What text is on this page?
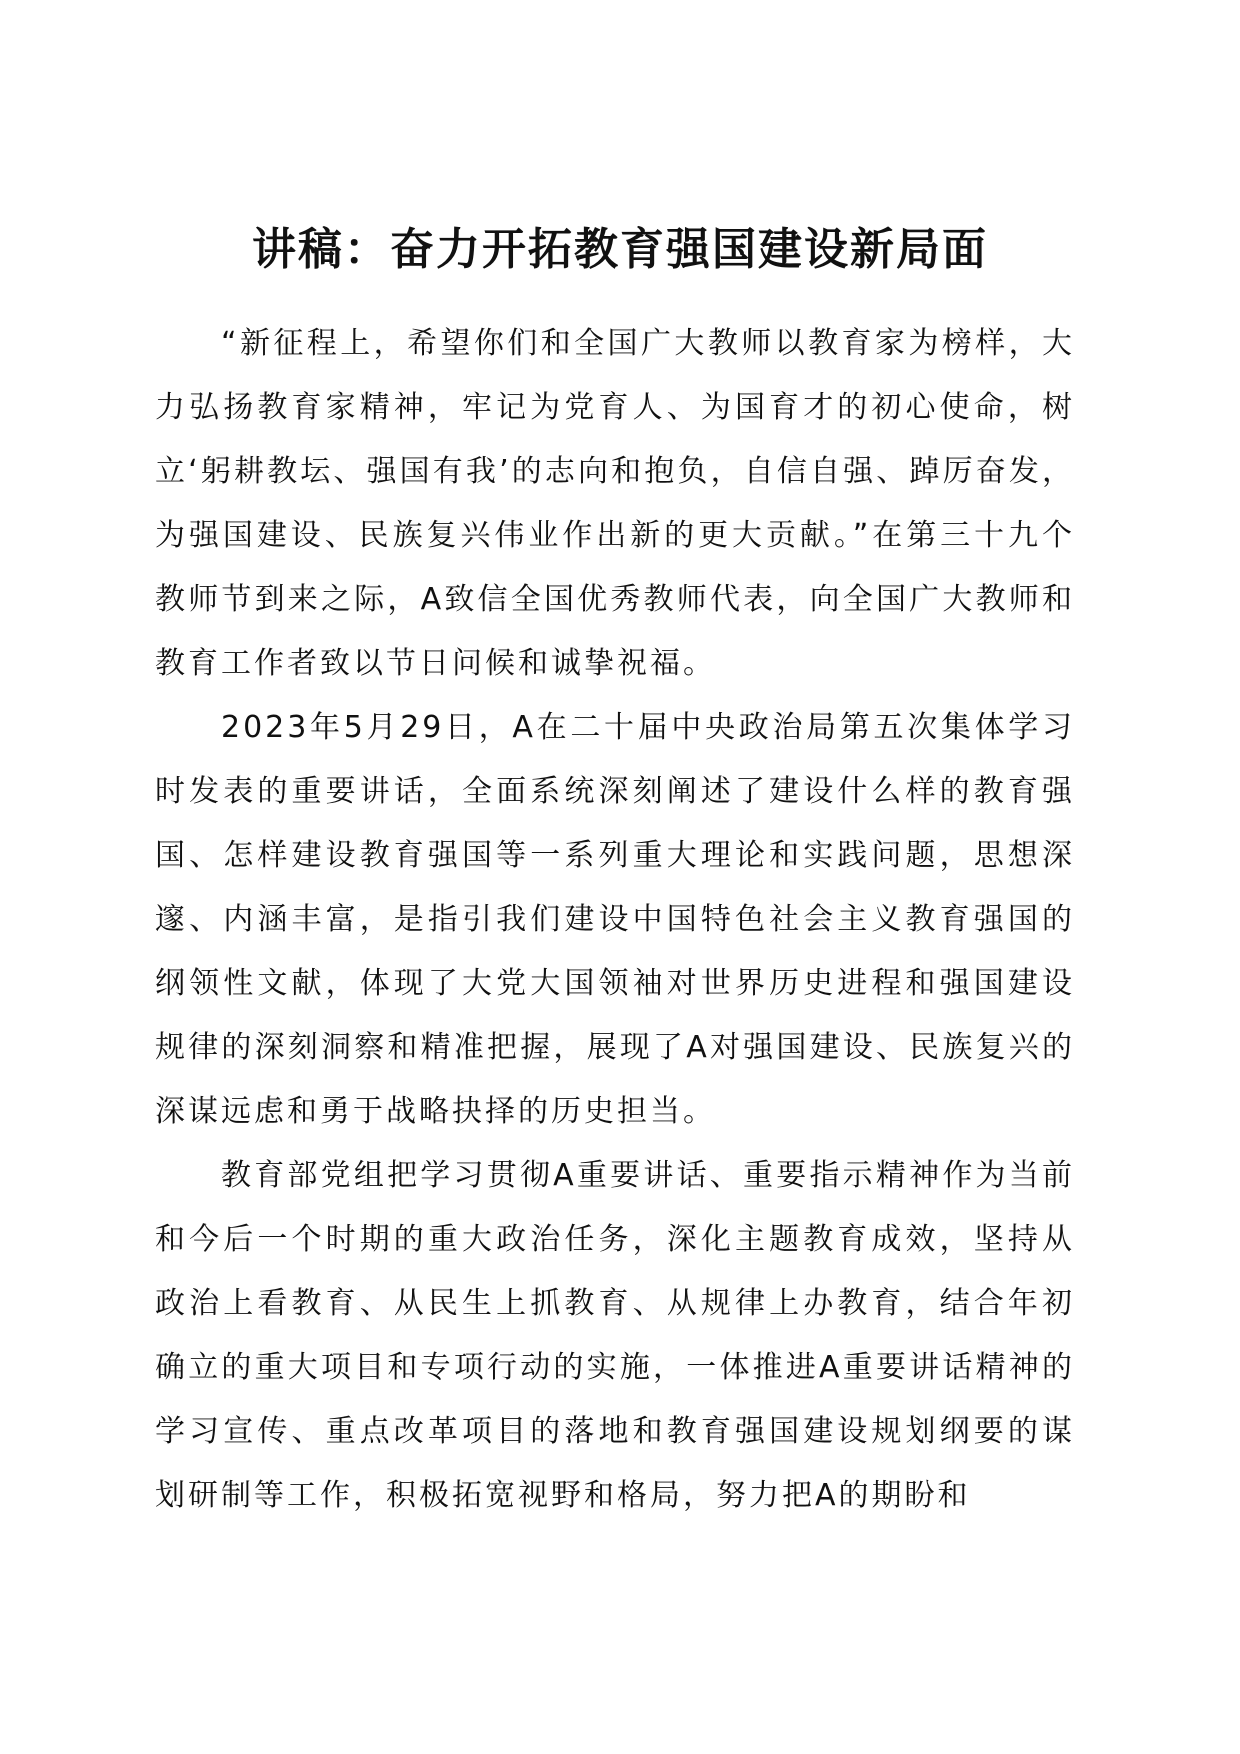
讲稿：奋力开拓教育强国建设新局面

“新征程上，希望你们和全国广大教师以教育家为榜样，大力弘扬教育家精神，牢记为党育人、为国育才的初心使命，树立‘躬耕教坛、强国有我’的志向和抱负，自信自强、踔厉奋发，为强国建设、民族复兴伟业作出新的更大贡献。”在第三十九个教师节到来之际，A致信全国优秀教师代表，向全国广大教师和教育工作者致以节日问候和诚挚祝福。

2023年5月29日，A在二十届中央政治局第五次集体学习时发表的重要讲话，全面系统深刻阐述了建设什么样的教育强国、怎样建设教育强国等一系列重大理论和实践问题，思想深邃、内涵丰富，是指引我们建设中国特色社会主义教育强国的纲领性文献，体现了大党大国领袖对世界历史进程和强国建设规律的深刻洞察和精准把握，展现了A对强国建设、民族复兴的深谋远虑和勇于战略抉择的历史担当。

教育部党组把学习贯彻A重要讲话、重要指示精神作为当前和今后一个时期的重大政治任务，深化主题教育成效，坚持从政治上看教育、从民生上抓教育、从规律上办教育，结合年初确立的重大项目和专项行动的实施，一体推进A重要讲话精神的学习宣传、重点改革项目的落地和教育强国建设规划纲要的谋划研制等工作，积极拓宽视野和格局，努力把A的期盼和
